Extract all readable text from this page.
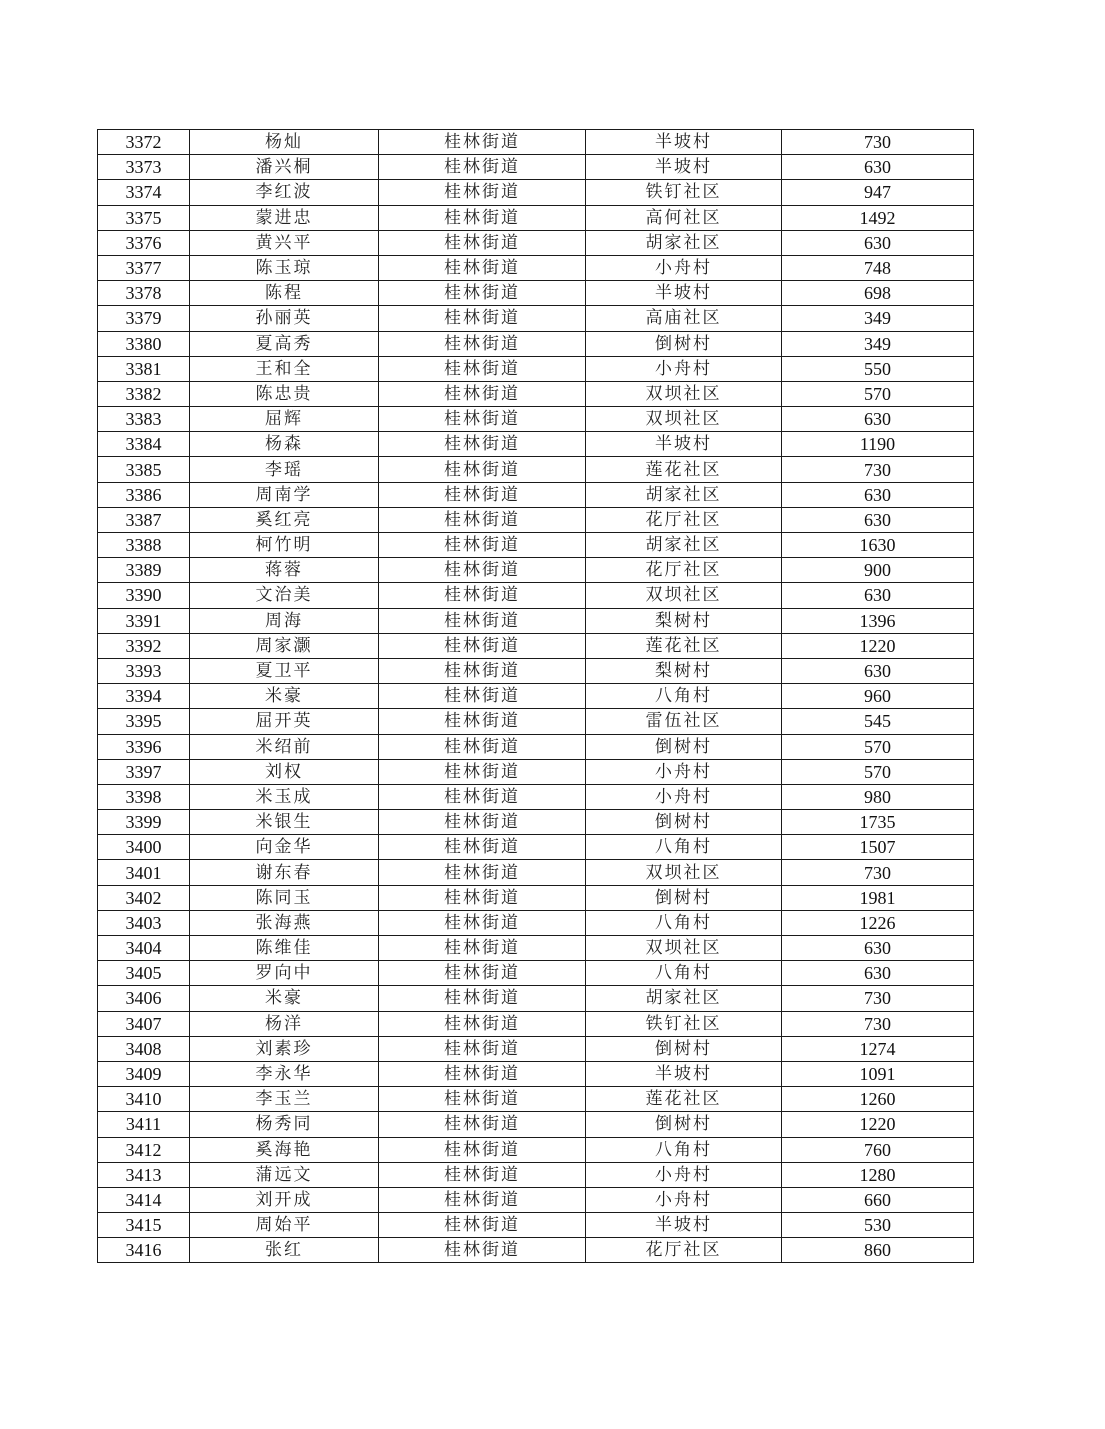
3372	杨灿	桂林街道	半坡村	730
3373	潘兴桐	桂林街道	半坡村	630
3374	李红波	桂林街道	铁钉社区	947
3375	蒙进忠	桂林街道	高何社区	1492
3376	黄兴平	桂林街道	胡家社区	630
3377	陈玉琼	桂林街道	小舟村	748
3378	陈程	桂林街道	半坡村	698
3379	孙丽英	桂林街道	高庙社区	349
3380	夏高秀	桂林街道	倒树村	349
3381	王和全	桂林街道	小舟村	550
3382	陈忠贵	桂林街道	双坝社区	570
3383	屈辉	桂林街道	双坝社区	630
3384	杨森	桂林街道	半坡村	1190
3385	李瑶	桂林街道	莲花社区	730
3386	周南学	桂林街道	胡家社区	630
3387	奚红亮	桂林街道	花厅社区	630
3388	柯竹明	桂林街道	胡家社区	1630
3389	蒋蓉	桂林街道	花厅社区	900
3390	文治美	桂林街道	双坝社区	630
3391	周海	桂林街道	梨树村	1396
3392	周家灏	桂林街道	莲花社区	1220
3393	夏卫平	桂林街道	梨树村	630
3394	米豪	桂林街道	八角村	960
3395	屈开英	桂林街道	雷伍社区	545
3396	米绍前	桂林街道	倒树村	570
3397	刘权	桂林街道	小舟村	570
3398	米玉成	桂林街道	小舟村	980
3399	米银生	桂林街道	倒树村	1735
3400	向金华	桂林街道	八角村	1507
3401	谢东春	桂林街道	双坝社区	730
3402	陈同玉	桂林街道	倒树村	1981
3403	张海燕	桂林街道	八角村	1226
3404	陈维佳	桂林街道	双坝社区	630
3405	罗向中	桂林街道	八角村	630
3406	米豪	桂林街道	胡家社区	730
3407	杨洋	桂林街道	铁钉社区	730
3408	刘素珍	桂林街道	倒树村	1274
3409	李永华	桂林街道	半坡村	1091
3410	李玉兰	桂林街道	莲花社区	1260
3411	杨秀同	桂林街道	倒树村	1220
3412	奚海艳	桂林街道	八角村	760
3413	蒲远文	桂林街道	小舟村	1280
3414	刘开成	桂林街道	小舟村	660
3415	周始平	桂林街道	半坡村	530
3416	张红	桂林街道	花厅社区	860
